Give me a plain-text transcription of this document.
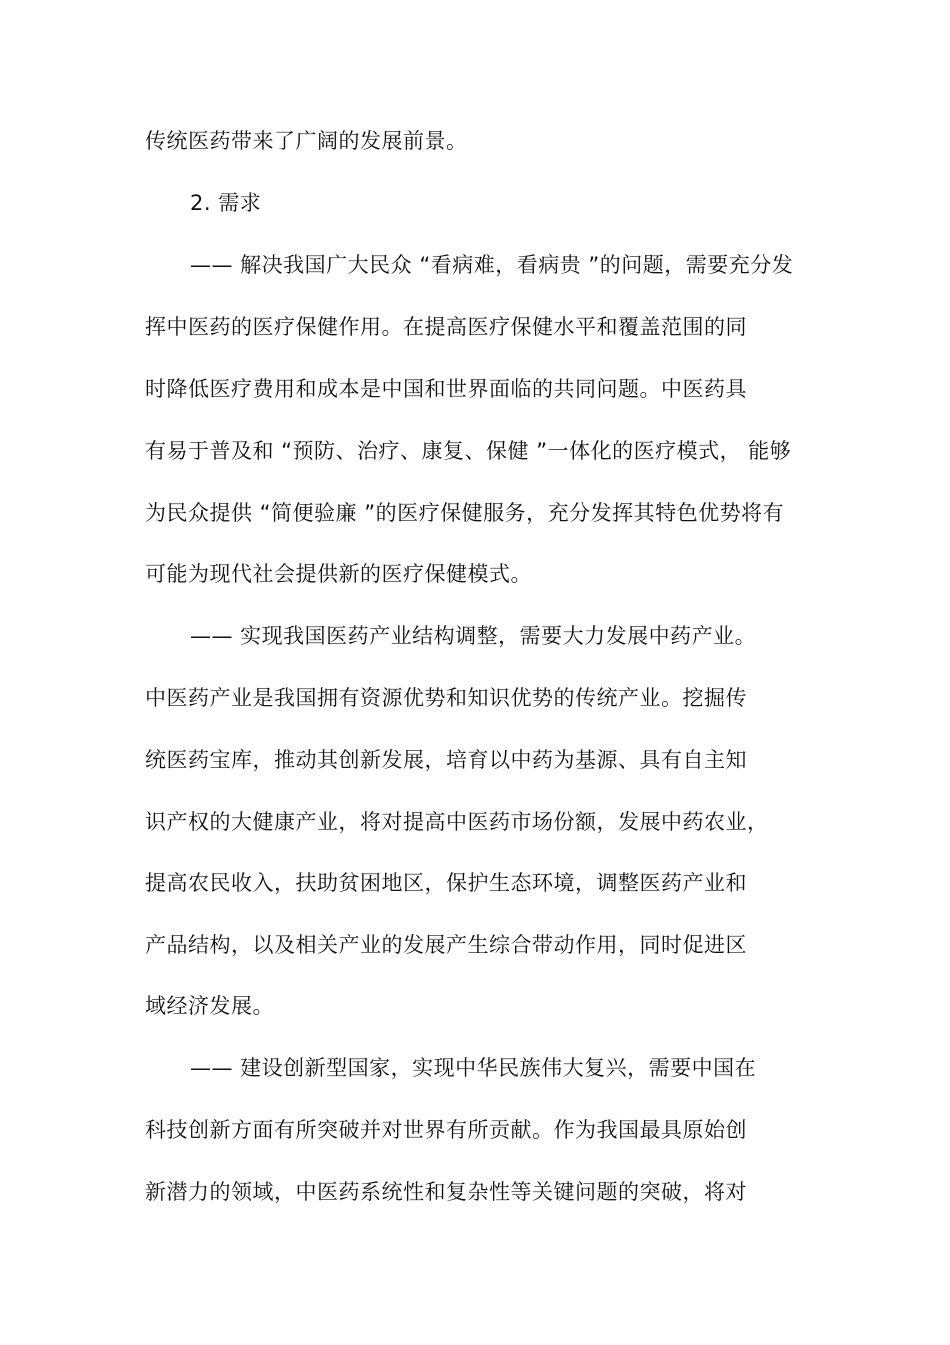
传统医药带来了广阔的发展前景。
2. 需求
—— 解决我国广大民众 “看病难，看病贵 ”的问题，需要充分发
挥中医药的医疗保健作用。在提高医疗保健水平和覆盖范围的同
时降低医疗费用和成本是中国和世界面临的共同问题。中医药具
有易于普及和 “预防、治疗、康复、保健 ”一体化的医疗模式， 能够
为民众提供 “简便验廉 ”的医疗保健服务，充分发挥其特色优势将有
可能为现代社会提供新的医疗保健模式。
—— 实现我国医药产业结构调整，需要大力发展中药产业。
中医药产业是我国拥有资源优势和知识优势的传统产业。挖掘传
统医药宝库，推动其创新发展，培育以中药为基源、具有自主知
识产权的大健康产业，将对提高中医药市场份额，发展中药农业，
提高农民收入，扶助贫困地区，保护生态环境，调整医药产业和
产品结构，以及相关产业的发展产生综合带动作用，同时促进区
域经济发展。
—— 建设创新型国家，实现中华民族伟大复兴，需要中国在
科技创新方面有所突破并对世界有所贡献。作为我国最具原始创
新潜力的领域，中医药系统性和复杂性等关键问题的突破，将对
